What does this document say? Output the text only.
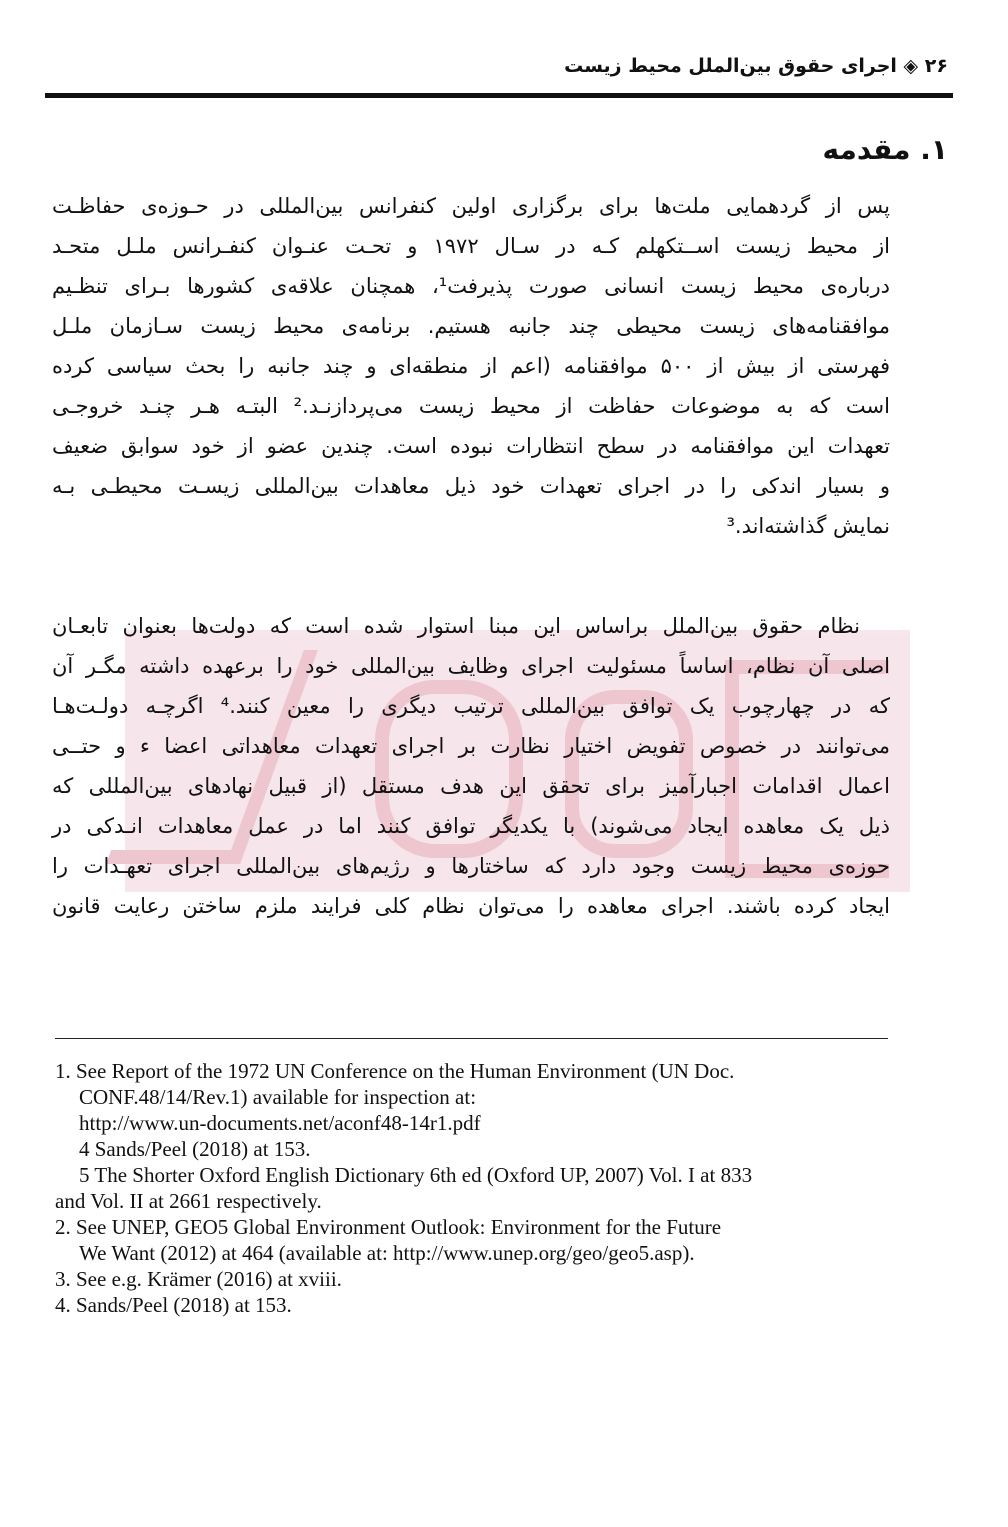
۲۶ ◈ اجرای حقوق بین‌الملل محیط زیست
۱. مقدمه
پس از گردهمایی ملت‌ها برای برگزاری اولین کنفرانس بین‌المللی در حـوزه‌ی حفاظـت
از محیط زیست اســتکهلم کـه در سـال ۱۹۷۲ و تحـت عنـوان کنفـرانس ملـل متحـد
درباره‌ی محیط زیست انسانی صورت پذیرفت¹، همچنان علاقه‌ی کشورها بـرای تنظـیم
موافقنامه‌های زیست محیطی چند جانبه هستیم. برنامه‌ی محیط زیست سـازمان ملـل
فهرستی از بیش از ۵۰۰ موافقنامه (اعم از منطقه‌ای و چند جانبه را بحث سیاسی کرده
است که به موضوعات حفاظت از محیط زیست می‌پردازنـد.² البتـه هـر چنـد خروجـی
تعهدات این موافقنامه در سطح انتظارات نبوده است. چندین عضو از خود سوابق ضعیف
و بسیار اندکی را در اجرای تعهدات خود ذیل معاهدات بین‌المللی زیسـت محیطـی بـه
نمایش گذاشته‌اند.³
نظام حقوق بین‌الملل براساس این مبنا استوار شده است که دولت‌ها بعنوان تابعـان
اصلی آن نظام، اساساً مسئولیت اجرای وظایف بین‌المللی خود را برعهده داشته مگـر آن
که در چهارچوب یک توافق بین‌المللی ترتیب دیگری را معین کنند.⁴ اگرچـه دولـت‌هـا
می‌توانند در خصوص تفویض اختیار نظارت بر اجرای تعهدات معاهداتی اعضا ء و حتــی
اعمال اقدامات اجبارآمیز برای تحقق این هدف مستقل (از قبیل نهادهای بین‌المللی که
ذیل یک معاهده ایجاد می‌شوند) با یکدیگر توافق کنند اما در عمل معاهدات انـدکی در
حوزه‌ی محیط زیست وجود دارد که ساختارها و رژیم‌های بین‌المللی اجرای تعهـدات را
ایجاد کرده باشند. اجرای معاهده را می‌توان نظام کلی فرایند ملزم ساختن رعایت قانون
1. See Report of the 1972 UN Conference on the Human Environment (UN Doc.
CONF.48/14/Rev.1) available for inspection at:
http://www.un-documents.net/aconf48-14r1.pdf
4 Sands/Peel (2018) at 153.
5 The Shorter Oxford English Dictionary 6th ed (Oxford UP, 2007) Vol. I at 833
and Vol. II at 2661 respectively.
2. See UNEP, GEO5 Global Environment Outlook: Environment for the Future
We Want (2012) at 464 (available at: http://www.unep.org/geo/geo5.asp).
3. See e.g. Krämer (2016) at xviii.
4. Sands/Peel (2018) at 153.
